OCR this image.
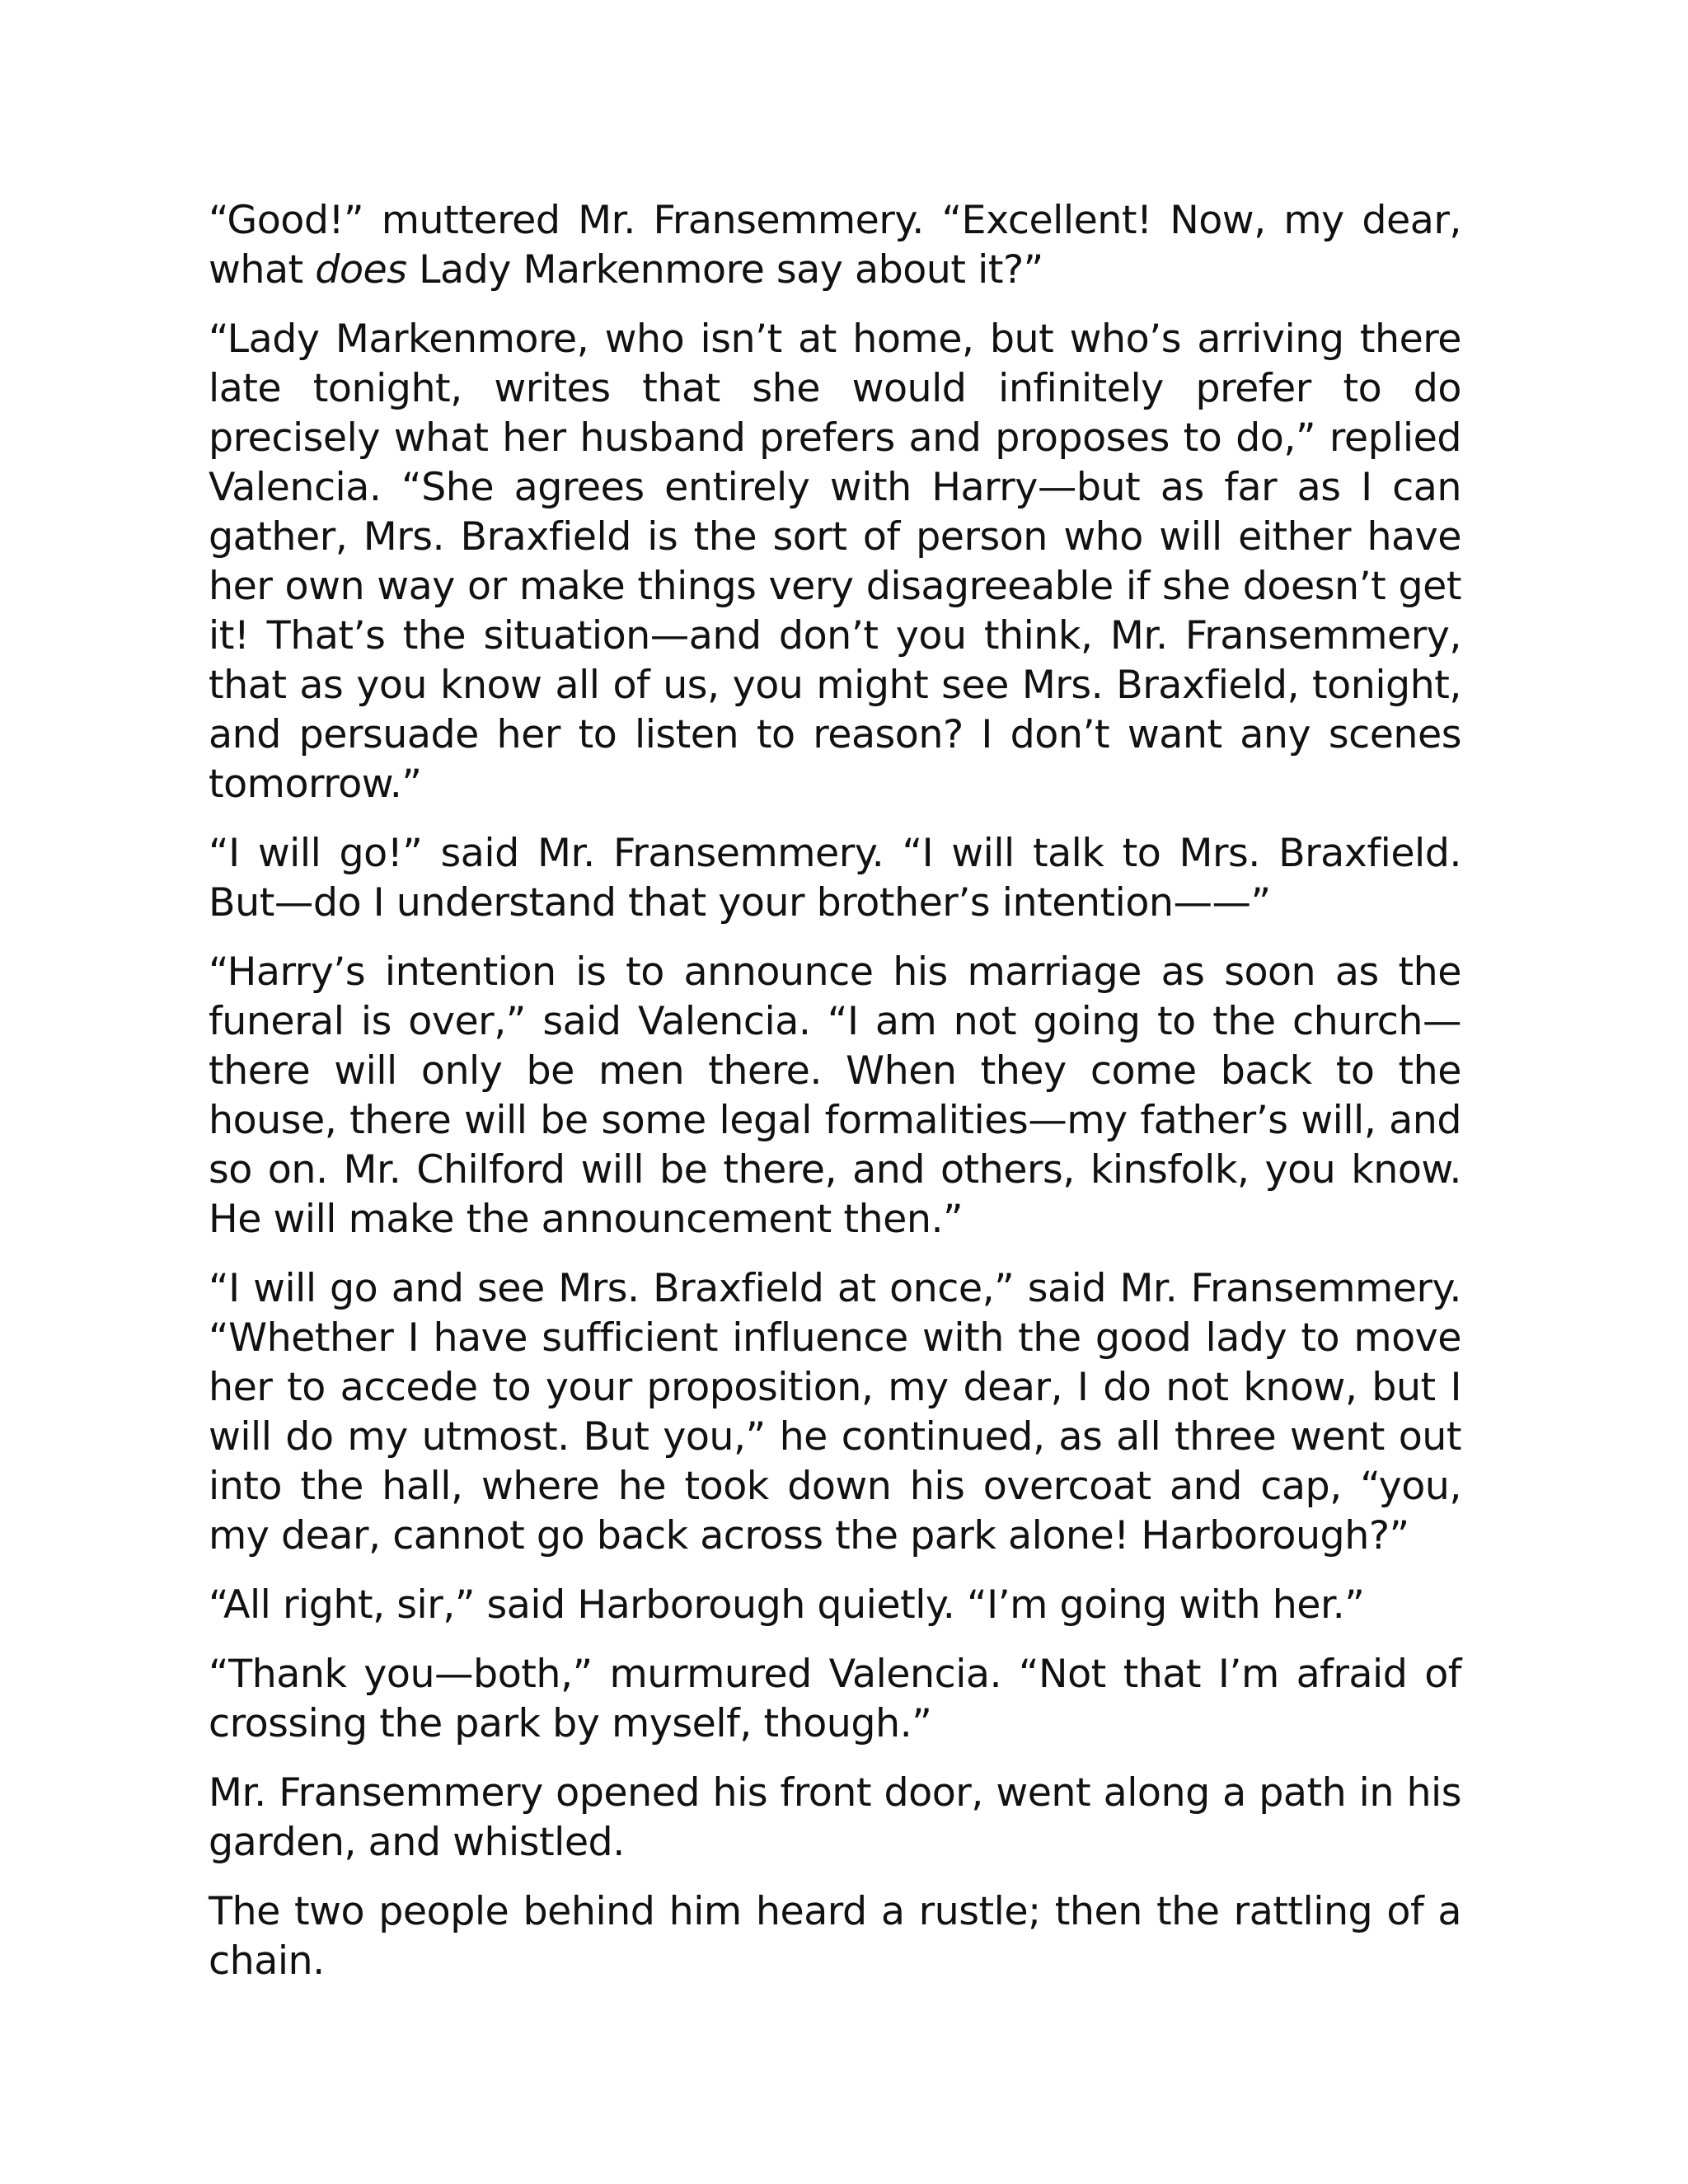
“Good!” muttered Mr. Fransemmery. “Excellent! Now, my dear, what does Lady Markenmore say about it?”

“Lady Markenmore, who isn’t at home, but who’s arriving there late tonight, writes that she would infinitely prefer to do precisely what her husband prefers and proposes to do,” replied Valencia. “She agrees entirely with Harry—but as far as I can gather, Mrs. Braxfield is the sort of person who will either have her own way or make things very disagreeable if she doesn’t get it! That’s the situation—and don’t you think, Mr. Fransemmery, that as you know all of us, you might see Mrs. Braxfield, tonight, and persuade her to listen to reason? I don’t want any scenes tomorrow.”

“I will go!” said Mr. Fransemmery. “I will talk to Mrs. Braxfield. But—do I understand that your brother’s intention——”

“Harry’s intention is to announce his marriage as soon as the funeral is over,” said Valencia. “I am not going to the church—there will only be men there. When they come back to the house, there will be some legal formalities—my father’s will, and so on. Mr. Chilford will be there, and others, kinsfolk, you know. He will make the announcement then.”

“I will go and see Mrs. Braxfield at once,” said Mr. Fransemmery. “Whether I have sufficient influence with the good lady to move her to accede to your proposition, my dear, I do not know, but I will do my utmost. But you,” he continued, as all three went out into the hall, where he took down his overcoat and cap, “you, my dear, cannot go back across the park alone! Harborough?”

“All right, sir,” said Harborough quietly. “I’m going with her.”

“Thank you—both,” murmured Valencia. “Not that I’m afraid of crossing the park by myself, though.”

Mr. Fransemmery opened his front door, went along a path in his garden, and whistled.

The two people behind him heard a rustle; then the rattling of a chain.
